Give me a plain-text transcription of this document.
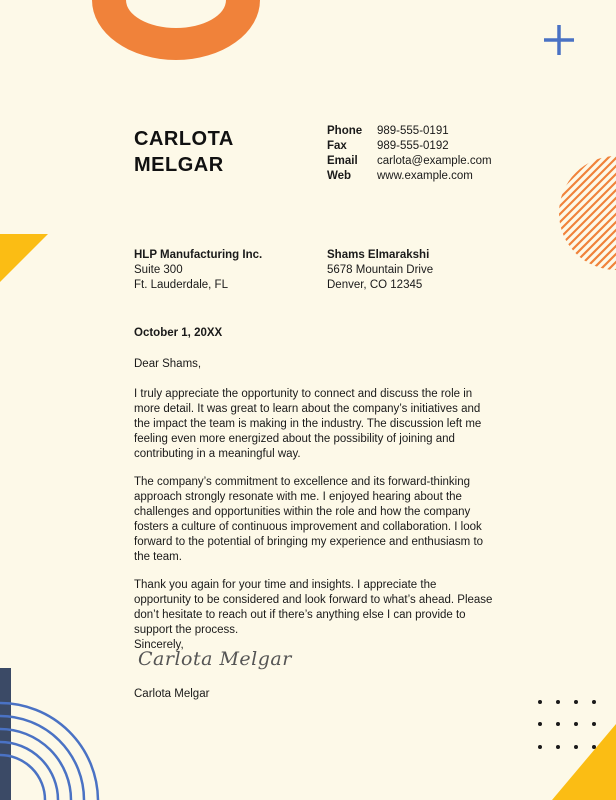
CARLOTA
MELGAR
Phone	989-555-0191
Fax	989-555-0192
Email	carlota@example.com
Web	www.example.com
HLP Manufacturing Inc.
Suite 300
Ft. Lauderdale, FL
Shams Elmarakshi
5678 Mountain Drive
Denver, CO 12345
October 1, 20XX
Dear Shams,
I truly appreciate the opportunity to connect and discuss the role in more detail. It was great to learn about the company’s initiatives and the impact the team is making in the industry. The discussion left me feeling even more energized about the possibility of joining and contributing in a meaningful way.
The company’s commitment to excellence and its forward-thinking approach strongly resonate with me. I enjoyed hearing about the challenges and opportunities within the role and how the company fosters a culture of continuous improvement and collaboration. I look forward to the potential of bringing my experience and enthusiasm to the team.
Thank you again for your time and insights. I appreciate the opportunity to be considered and look forward to what’s ahead. Please don’t hesitate to reach out if there’s anything else I can provide to support the process.
Sincerely,
Carlota Melgar
Carlota Melgar
